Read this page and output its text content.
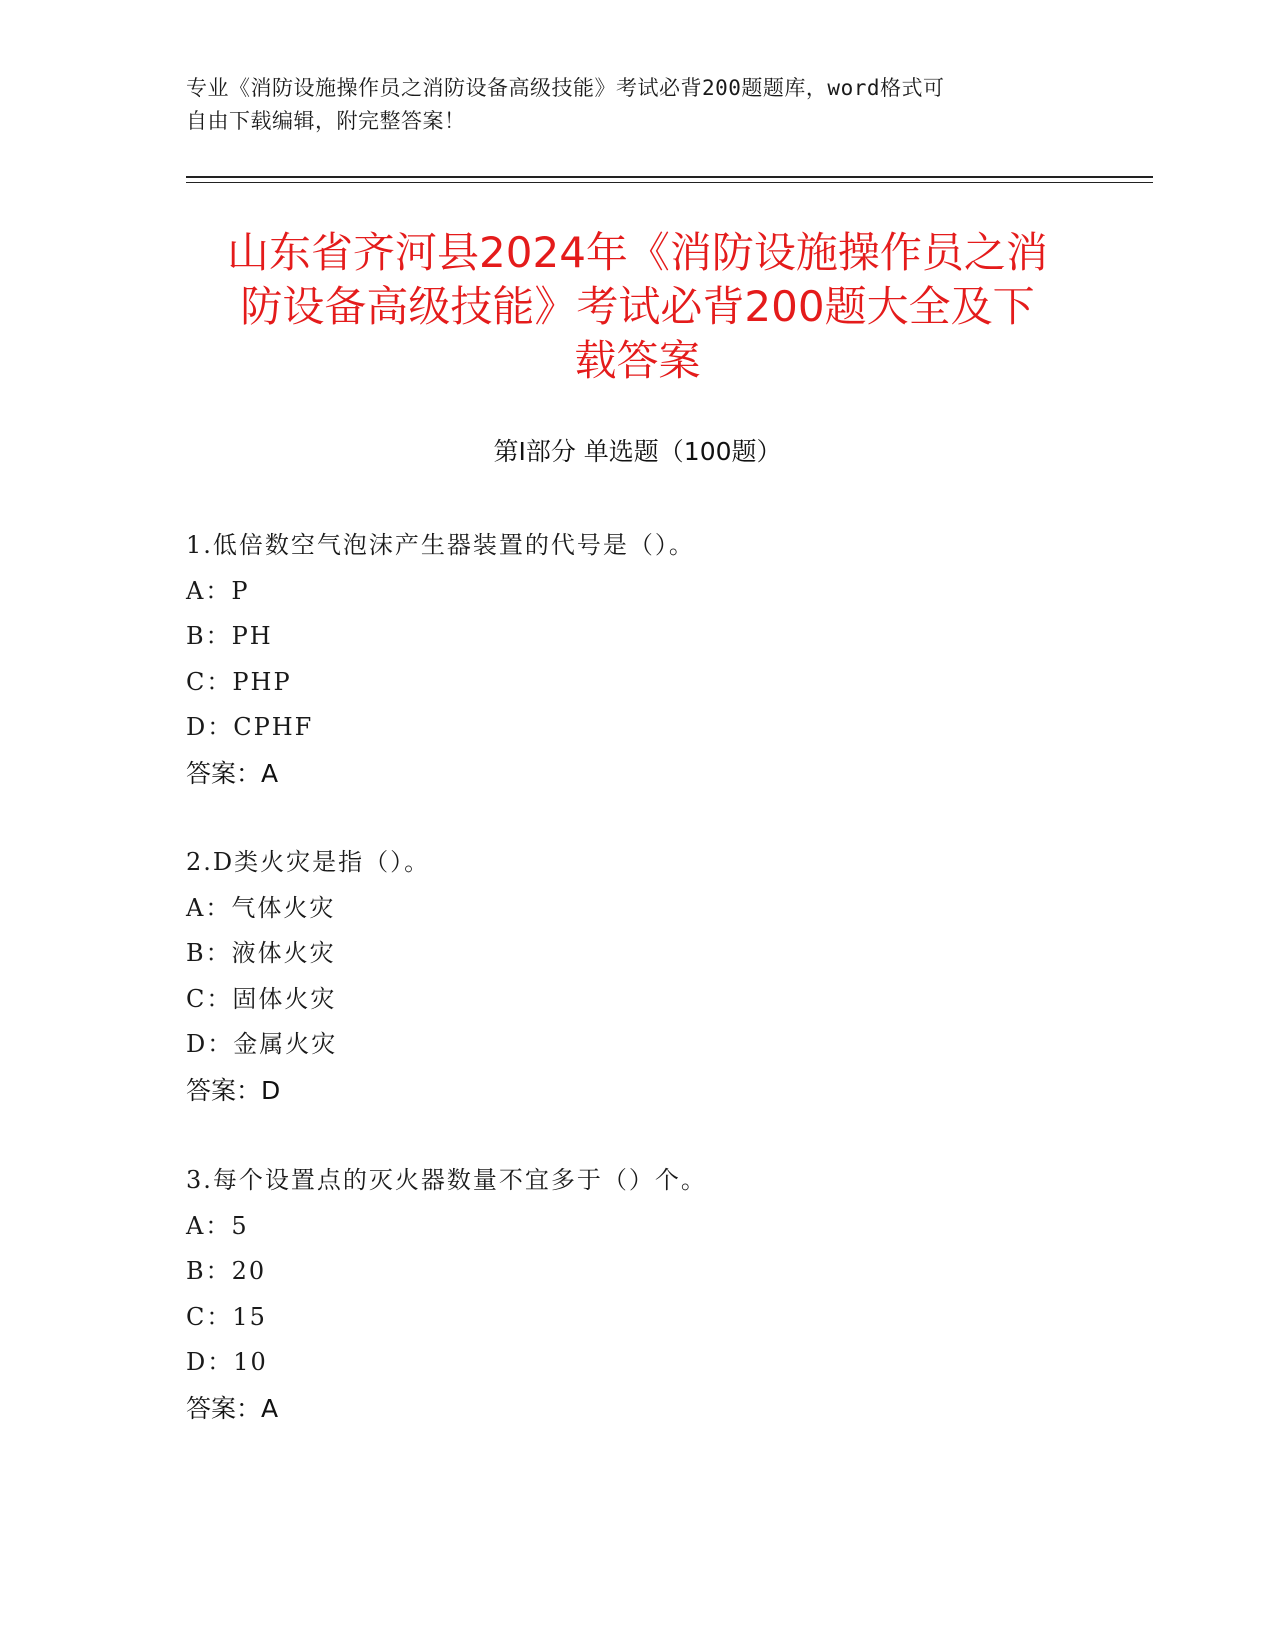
专业《消防设施操作员之消防设备高级技能》考试必背200题题库，word格式可
自由下载编辑，附完整答案！
山东省齐河县2024年《消防设施操作员之消
防设备高级技能》考试必背200题大全及下
载答案
第I部分 单选题（100题）
1.低倍数空气泡沫产生器装置的代号是（）。
A：P
B：PH
C：PHP
D：CPHF
答案：A
2.D类火灾是指（）。
A：气体火灾
B：液体火灾
C：固体火灾
D：金属火灾
答案：D
3.每个设置点的灭火器数量不宜多于（）个。
A：5
B：20
C：15
D：10
答案：A
